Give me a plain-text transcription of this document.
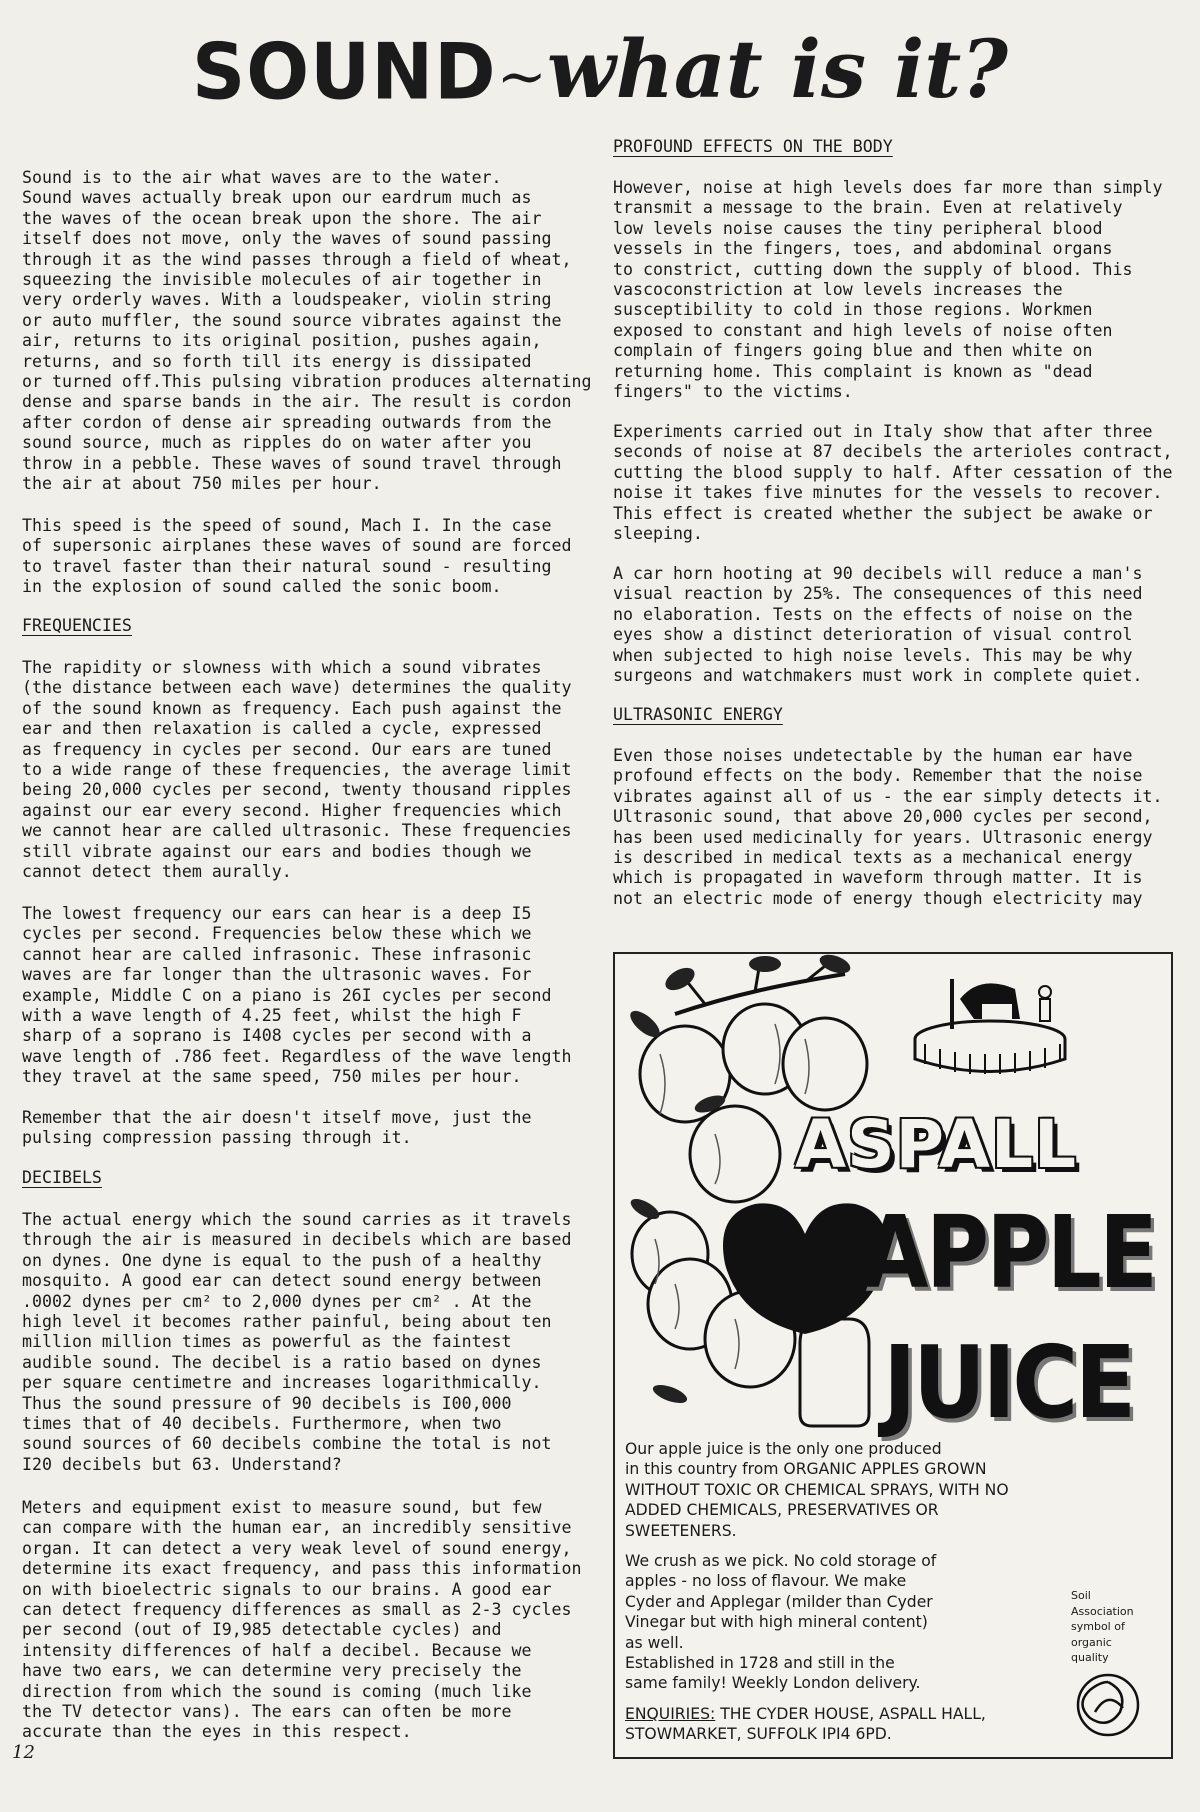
SOUND~what is it?

Sound is to the air what waves are to the water.
Sound waves actually break upon our eardrum much as
the waves of the ocean break upon the shore. The air
itself does not move, only the waves of sound passing
through it as the wind passes through a field of wheat,
squeezing the invisible molecules of air together in
very orderly waves. With a loudspeaker, violin string
or auto muffler, the sound source vibrates against the
air, returns to its original position, pushes again,
returns, and so forth till its energy is dissipated
or turned off.This pulsing vibration produces alternating
dense and sparse bands in the air. The result is cordon
after cordon of dense air spreading outwards from the
sound source, much as ripples do on water after you
throw in a pebble. These waves of sound travel through
the air at about 750 miles per hour.

This speed is the speed of sound, Mach I. In the case
of supersonic airplanes these waves of sound are forced
to travel faster than their natural sound - resulting
in the explosion of sound called the sonic boom.

FREQUENCIES

The rapidity or slowness with which a sound vibrates
(the distance between each wave) determines the quality
of the sound known as frequency. Each push against the
ear and then relaxation is called a cycle, expressed
as frequency in cycles per second. Our ears are tuned
to a wide range of these frequencies, the average limit
being 20,000 cycles per second, twenty thousand ripples
against our ear every second. Higher frequencies which
we cannot hear are called ultrasonic. These frequencies
still vibrate against our ears and bodies though we
cannot detect them aurally.

The lowest frequency our ears can hear is a deep I5
cycles per second. Frequencies below these which we
cannot hear are called infrasonic. These infrasonic
waves are far longer than the ultrasonic waves. For
example, Middle C on a piano is 26I cycles per second
with a wave length of 4.25 feet, whilst the high F
sharp of a soprano is I408 cycles per second with a
wave length of .786 feet. Regardless of the wave length
they travel at the same speed, 750 miles per hour.

Remember that the air doesn't itself move, just the
pulsing compression passing through it.

DECIBELS

The actual energy which the sound carries as it travels
through the air is measured in decibels which are based
on dynes. One dyne is equal to the push of a healthy
mosquito. A good ear can detect sound energy between
.0002 dynes per cm² to 2,000 dynes per cm² . At the
high level it becomes rather painful, being about ten
million million times as powerful as the faintest
audible sound. The decibel is a ratio based on dynes
per square centimetre and increases logarithmically.
Thus the sound pressure of 90 decibels is I00,000
times that of 40 decibels. Furthermore, when two
sound sources of 60 decibels combine the total is not
I20 decibels but 63. Understand?

Meters and equipment exist to measure sound, but few
can compare with the human ear, an incredibly sensitive
organ. It can detect a very weak level of sound energy,
determine its exact frequency, and pass this information
on with bioelectric signals to our brains. A good ear
can detect frequency differences as small as 2-3 cycles
per second (out of I9,985 detectable cycles) and
intensity differences of half a decibel. Because we
have two ears, we can determine very precisely the
direction from which the sound is coming (much like
the TV detector vans). The ears can often be more
accurate than the eyes in this respect.

PROFOUND EFFECTS ON THE BODY

However, noise at high levels does far more than simply
transmit a message to the brain. Even at relatively
low levels noise causes the tiny peripheral blood
vessels in the fingers, toes, and abdominal organs
to constrict, cutting down the supply of blood. This
vascoconstriction at low levels increases the
susceptibility to cold in those regions. Workmen
exposed to constant and high levels of noise often
complain of fingers going blue and then white on
returning home. This complaint is known as "dead
fingers" to the victims.

Experiments carried out in Italy show that after three
seconds of noise at 87 decibels the arterioles contract,
cutting the blood supply to half. After cessation of the
noise it takes five minutes for the vessels to recover.
This effect is created whether the subject be awake or
sleeping.

A car horn hooting at 90 decibels will reduce a man's
visual reaction by 25%. The consequences of this need
no elaboration. Tests on the effects of noise on the
eyes show a distinct deterioration of visual control
when subjected to high noise levels. This may be why
surgeons and watchmakers must work in complete quiet.

ULTRASONIC ENERGY

Even those noises undetectable by the human ear have
profound effects on the body. Remember that the noise
vibrates against all of us - the ear simply detects it.
Ultrasonic sound, that above 20,000 cycles per second,
has been used medicinally for years. Ultrasonic energy
is described in medical texts as a mechanical energy
which is propagated in waveform through matter. It is
not an electric mode of energy though electricity may

ASPALL
APPLE
JUICE

Our apple juice is the only one produced
in this country from ORGANIC APPLES GROWN
WITHOUT TOXIC OR CHEMICAL SPRAYS, WITH NO
ADDED CHEMICALS, PRESERVATIVES OR
SWEETENERS.

We crush as we pick. No cold storage of
apples - no loss of flavour. We make
Cyder and Applegar (milder than Cyder
Vinegar but with high mineral content)
as well.
Established in 1728 and still in the
same family! Weekly London delivery.

ENQUIRIES: THE CYDER HOUSE, ASPALL HALL,
STOWMARKET, SUFFOLK IPI4 6PD.

Soil
Association
symbol of
organic
quality
12
